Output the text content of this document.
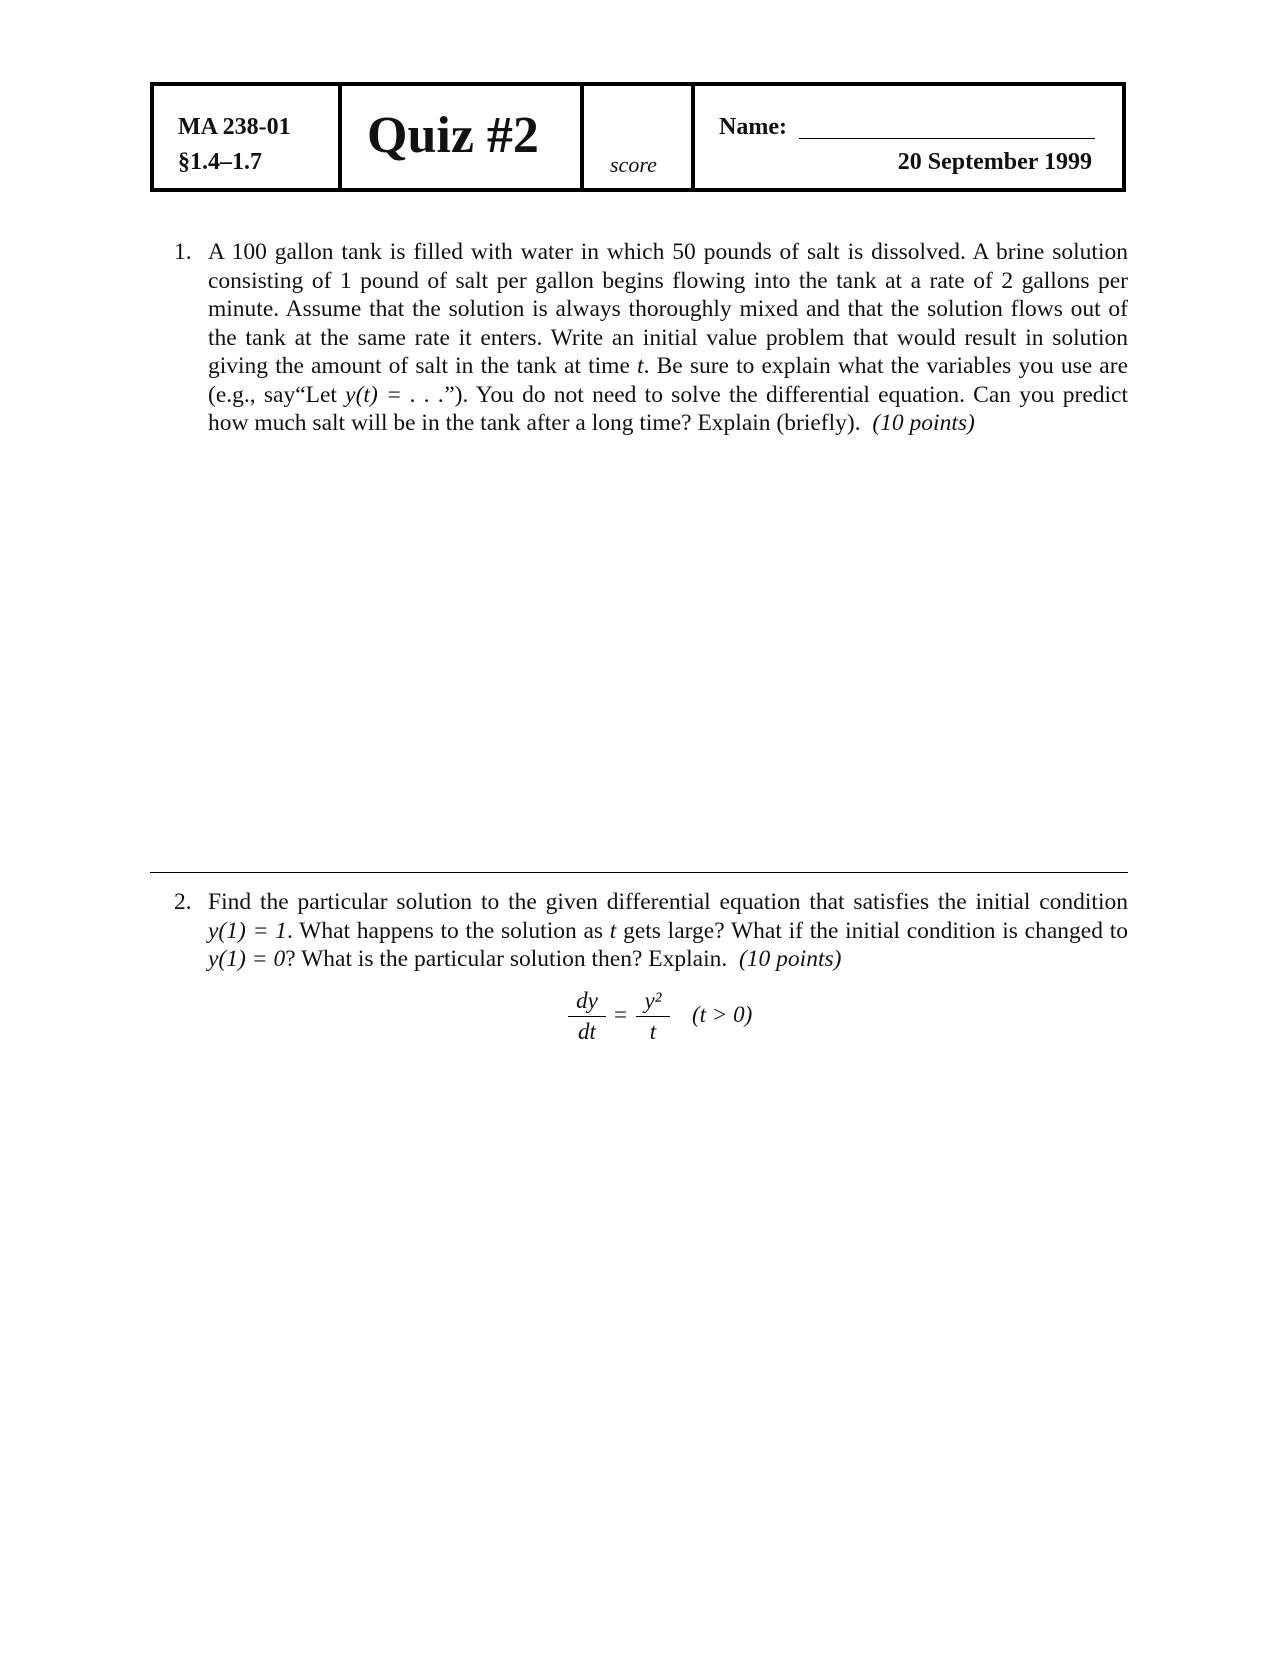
MA 238-01
§1.4–1.7 Quiz #2
score
Name:
20 September 1999
1. A 100 gallon tank is filled with water in which 50 pounds of salt is dissolved. A brine solution consisting of 1 pound of salt per gallon begins flowing into the tank at a rate of 2 gallons per minute. Assume that the solution is always thoroughly mixed and that the solution flows out of the tank at the same rate it enters. Write an initial value problem that would result in solution giving the amount of salt in the tank at time t. Be sure to explain what the variables you use are (e.g., say“Let y(t) = . . .”). You do not need to solve the differential equation. Can you predict how much salt will be in the tank after a long time? Explain (briefly). (10 points)
2. Find the particular solution to the given differential equation that satisfies the initial condition y(1) = 1. What happens to the solution as t gets large? What if the initial condition is changed to y(1) = 0? What is the particular solution then? Explain. (10 points)
dy
dt
=
y²
t
(t > 0)
